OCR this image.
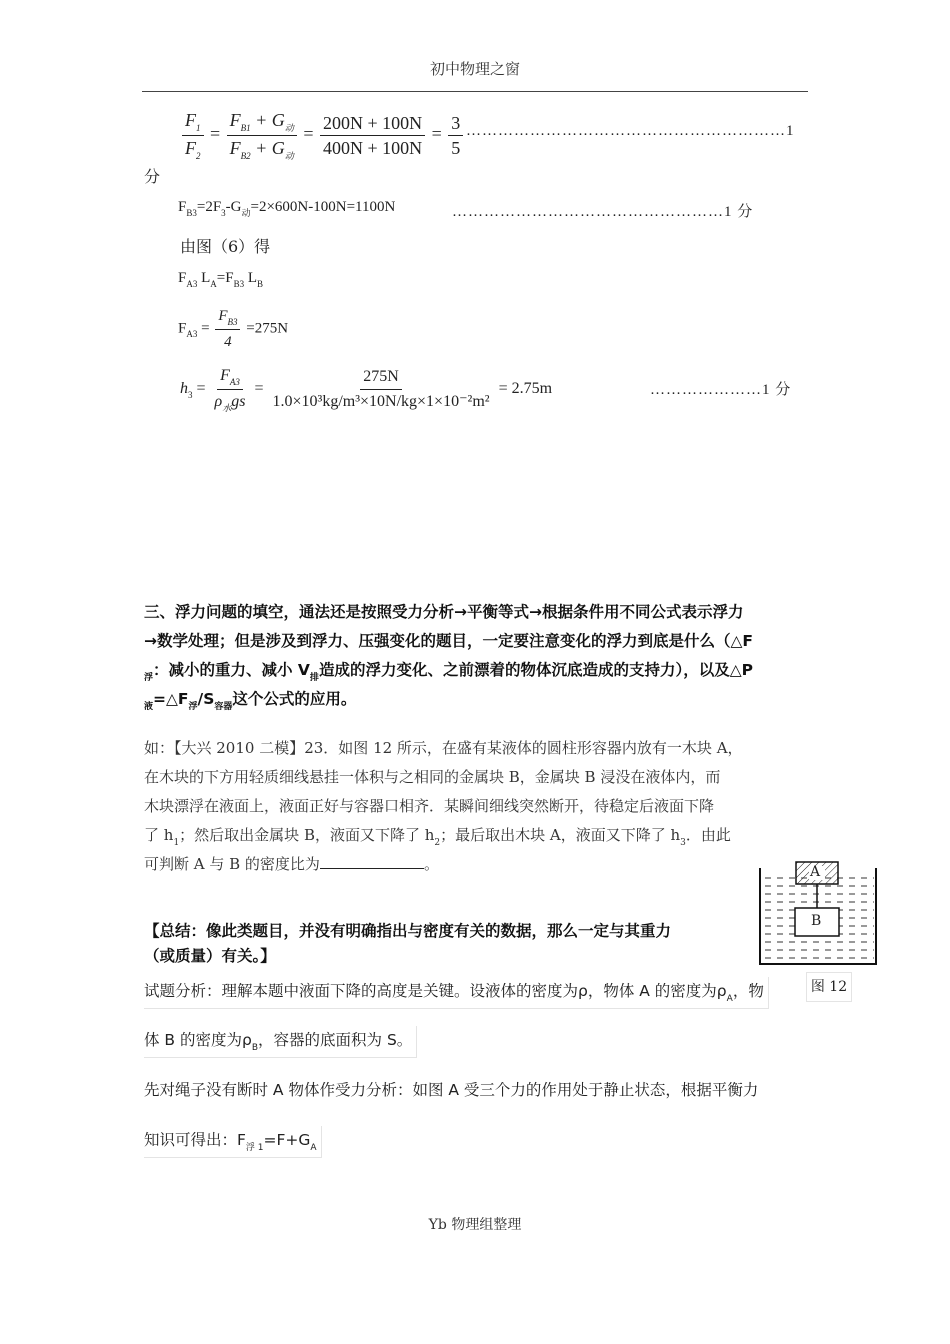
初中物理之窗
$\frac{F_1}{F_2} = \frac{F_{B1} + G_动}{F_{B2} + G_动} = \frac{200N + 100N}{400N + 100N} = \frac{3}{5}$ ……………………………………………………1
分
$F_{B3}=2F_3-G_动=2\times 600N-100N=1100N$	……………………………………………1 分
由图（6）得
$F_{A3}$ $L_A=F_{B3}$ $L_B$
$F_{A3} = \frac{F_{B3}}{4} =275N$
$h_3 = \frac{F_{A3}}{\rho_水gs} = \frac{275N}{\text{1.0×10³kg/m³×10N/kg×1×10⁻²m²}} = 2.75m$	…………………1 分
三、浮力问题的填空，通法还是按照受力分析→平衡等式→根据条件用不同公式表示浮力
→数学处理；但是涉及到浮力、压强变化的题目，一定要注意变化的浮力到底是什么（△F
$_浮$：减小的重力、减小 $V_排$造成的浮力变化、之前漂着的物体沉底造成的支持力），以及△P
$_液=\triangle F_浮/S_{容器}$这个公式的应用。
如：【大兴 2010 二模】23．如图 12 所示，在盛有某液体的圆柱形容器内放有一木块 A，
在木块的下方用轻质细线悬挂一体积与之相同的金属块 B，金属块 B 浸没在液体内，而
木块漂浮在液面上，液面正好与容器口相齐．某瞬间细线突然断开，待稳定后液面下降
了 $h_1$；然后取出金属块 B，液面又下降了 $h_2$；最后取出木块 A，液面又下降了 $h_3$．由此
可判断 A 与 B 的密度比为	。	A
B
图 12
【总结：像此类题目，并没有明确指出与密度有关的数据，那么一定与其重力
（或质量）有关。】
试题分析：理解本题中液面下降的高度是关键。设液体的密度为ρ，物体 A 的密度为$\rho_A$，物
体 B 的密度为$\rho_B$，容器的底面积为 S。
先对绳子没有断时 A 物体作受力分析：如图 A 受三个力的作用处于静止状态，根据平衡力
知识可得出：$F_{浮 1}=F+G_A$
Yb 物理组整理
